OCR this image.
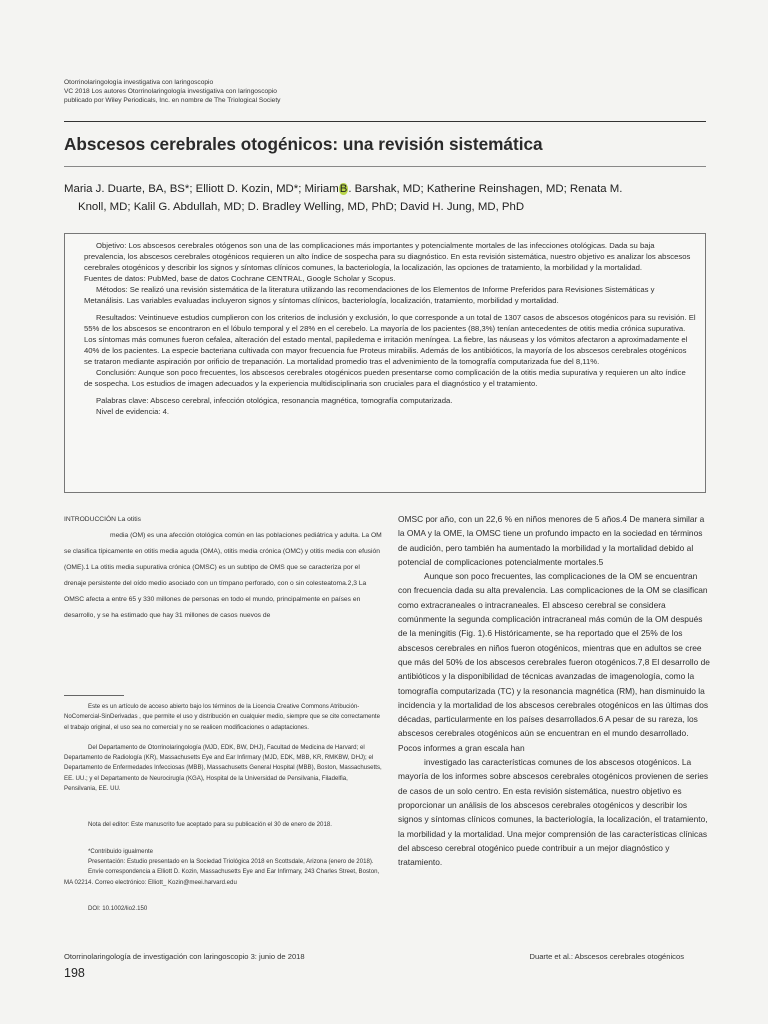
Otorrinolaringología investigativa con laringoscopio
VC 2018 Los autores Otorrinolaringología investigativa con laringoscopio
publicado por Wiley Periodicals, Inc. en nombre de The Triological Society
Abscesos cerebrales otogénicos: una revisión sistemática
Maria J. Duarte, BA, BS*; Elliott D. Kozin, MD*; MiriamB. Barshak, MD; Katherine Reinshagen, MD; Renata M.
Knoll, MD; Kalil G. Abdullah, MD; D. Bradley Welling, MD, PhD; David H. Jung, MD, PhD

Objetivo: Los abscesos cerebrales otógenos son una de las complicaciones más importantes y potencialmente mortales de las infecciones otológicas. Dada su baja prevalencia, los abscesos cerebrales otogénicos requieren un alto índice de sospecha para su diagnóstico. En esta revisión sistemática, nuestro objetivo es analizar los abscesos cerebrales otogénicos y describir los signos y síntomas clínicos comunes, la bacteriología, la localización, las opciones de tratamiento, la morbilidad y la mortalidad.

Fuentes de datos: PubMed, base de datos Cochrane CENTRAL, Google Scholar y Scopus.

Métodos: Se realizó una revisión sistemática de la literatura utilizando las recomendaciones de los Elementos de Informe Preferidos para Revisiones Sistemáticas y Metanálisis. Las variables evaluadas incluyeron signos y síntomas clínicos, bacteriología, localización, tratamiento, morbilidad y mortalidad.

Resultados: Veintinueve estudios cumplieron con los criterios de inclusión y exclusión, lo que corresponde a un total de 1307 casos de abscesos otogénicos para su revisión. El 55% de los abscesos se encontraron en el lóbulo temporal y el 28% en el cerebelo. La mayoría de los pacientes (88,3%) tenían antecedentes de otitis media crónica supurativa. Los síntomas más comunes fueron cefalea, alteración del estado mental, papiledema e irritación meníngea. La fiebre, las náuseas y los vómitos afectaron a aproximadamente el 40% de los pacientes. La especie bacteriana cultivada con mayor frecuencia fue Proteus mirabilis. Además de los antibióticos, la mayoría de los abscesos cerebrales otogénicos se trataron mediante aspiración por orificio de trepanación. La mortalidad promedio tras el advenimiento de la tomografía computarizada fue del 8,11%.

Conclusión: Aunque son poco frecuentes, los abscesos cerebrales otogénicos pueden presentarse como complicación de la otitis media supurativa y requieren un alto índice de sospecha. Los estudios de imagen adecuados y la experiencia multidisciplinaria son cruciales para el diagnóstico y el tratamiento.

Palabras clave: Absceso cerebral, infección otológica, resonancia magnética, tomografía computarizada.

Nivel de evidencia: 4.

INTRODUCCIÓN La otitis

media (OM) es una afección otológica común en las poblaciones pediátrica y adulta. La OM se clasifica típicamente en otitis media aguda (OMA), otitis media crónica (OMC) y otitis media con efusión (OME).1 La otitis media supurativa crónica (OMSC) es un subtipo de OMS que se caracteriza por el drenaje persistente del oído medio asociado con un tímpano perforado, con o sin colesteatoma.2,3 La OMSC afecta a entre 65 y 330 millones de personas en todo el mundo, principalmente en países en desarrollo, y se ha estimado que hay 31 millones de casos nuevos de

Este es un artículo de acceso abierto bajo los términos de la Licencia Creative Commons Atribución-NoComercial-SinDerivadas , que permite el uso y distribución en cualquier medio, siempre que se cite correctamente el trabajo original, el uso sea no comercial y no se realicen modificaciones o adaptaciones.

Del Departamento de Otorrinolaringología (MJD, EDK, BW, DHJ), Facultad de Medicina de Harvard; el Departamento de Radiología (KR), Massachusetts Eye and Ear Infirmary (MJD, EDK, MBB, KR, RMKBW, DHJ); el Departamento de Enfermedades Infecciosas (MBB), Massachusetts General Hospital (MBB), Boston, Massachusetts, EE. UU.; y el Departamento de Neurocirugía (KGA), Hospital de la Universidad de Pensilvania, Filadelfia, Pensilvania, EE. UU.

Nota del editor: Este manuscrito fue aceptado para su publicación el 30 de enero de 2018.

*Contribuido igualmente

Presentación: Estudio presentado en la Sociedad Triológica 2018 en Scottsdale, Arizona (enero de 2018).

Envíe correspondencia a Elliott D. Kozin, Massachusetts Eye and Ear Infirmary, 243 Charles Street, Boston, MA 02214. Correo electrónico: Elliott_ Kozin@meei.harvard.edu

DOI: 10.1002/lio2.150

OMSC por año, con un 22,6 % en niños menores de 5 años.4 De manera similar a la OMA y la OME, la OMSC tiene un profundo impacto en la sociedad en términos de audición, pero también ha aumentado la morbilidad y la mortalidad debido al potencial de complicaciones potencialmente mortales.5

Aunque son poco frecuentes, las complicaciones de la OM se encuentran con frecuencia dada su alta prevalencia. Las complicaciones de la OM se clasifican como extracraneales o intracraneales. El absceso cerebral se considera comúnmente la segunda complicación intracraneal más común de la OM después de la meningitis (Fig. 1).6 Históricamente, se ha reportado que el 25% de los abscesos cerebrales en niños fueron otogénicos, mientras que en adultos se cree que más del 50% de los abscesos cerebrales fueron otogénicos.7,8 El desarrollo de antibióticos y la disponibilidad de técnicas avanzadas de imagenología, como la tomografía computarizada (TC) y la resonancia magnética (RM), han disminuido la incidencia y la mortalidad de los abscesos cerebrales otogénicos en las últimas dos décadas, particularmente en los países desarrollados.6 A pesar de su rareza, los abscesos cerebrales otogénicos aún se encuentran en el mundo desarrollado. Pocos informes a gran escala han

investigado las características comunes de los abscesos otogénicos. La mayoría de los informes sobre abscesos cerebrales otogénicos provienen de series de casos de un solo centro. En esta revisión sistemática, nuestro objetivo es proporcionar un análisis de los abscesos cerebrales otogénicos y describir los signos y síntomas clínicos comunes, la bacteriología, la localización, el tratamiento, la morbilidad y la mortalidad. Una mejor comprensión de las características clínicas del absceso cerebral otogénico puede contribuir a un mejor diagnóstico y tratamiento.

Otorrinolaringología de investigación con laringoscopio 3: junio de 2018	Duarte et al.: Abscesos cerebrales otogénicos
198
